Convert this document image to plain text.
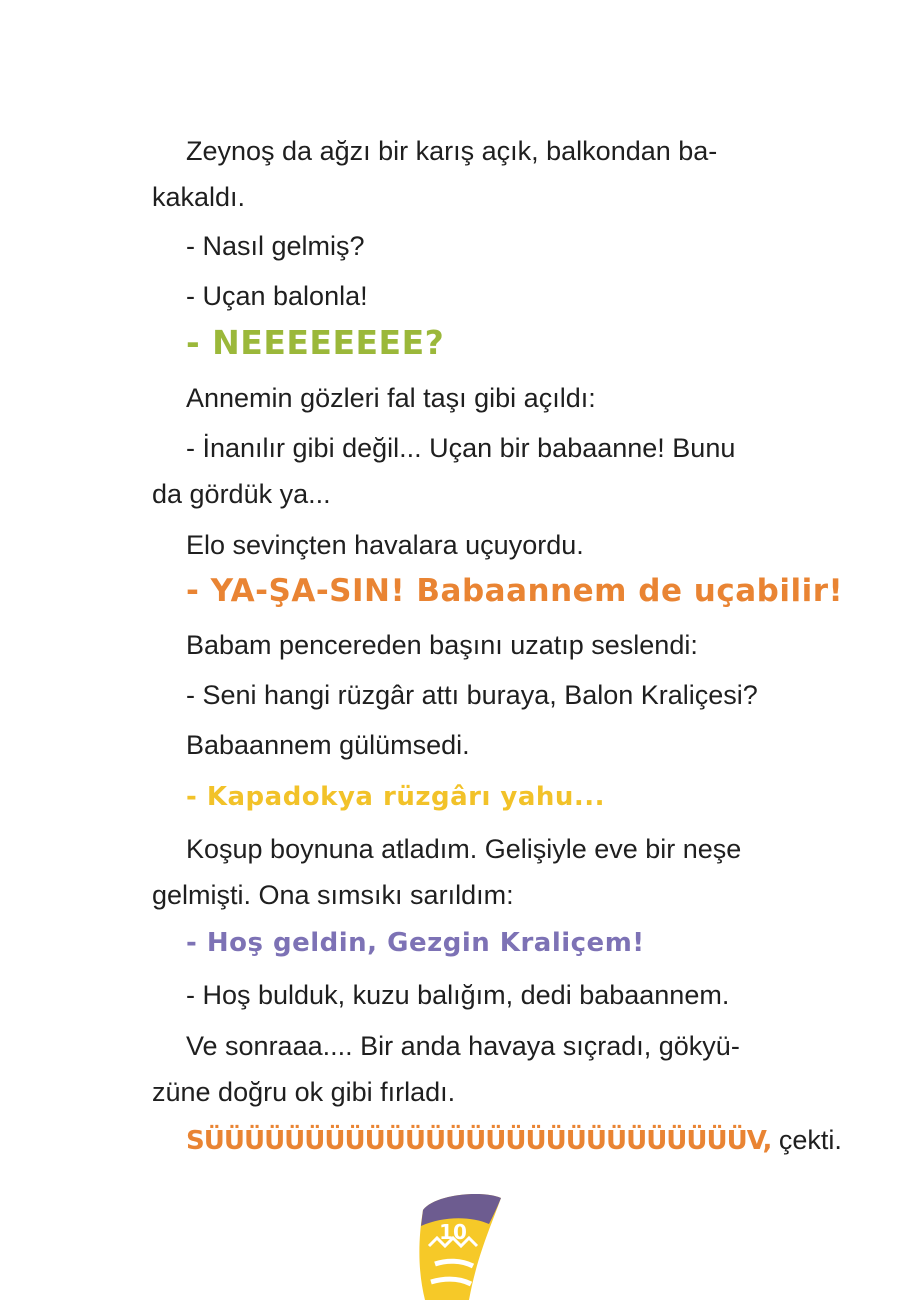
Zeynoş da ağzı bir karış açık, balkondan ba-
kakaldı.
- Nasıl gelmiş?
- Uçan balonla!
- NEEEEEEEE?
Annemin gözleri fal taşı gibi açıldı:
- İnanılır gibi değil... Uçan bir babaanne! Bunu
da gördük ya...
Elo sevinçten havalara uçuyordu.
- YA-ŞA-SIN! Babaannem de uçabilir!
Babam pencereden başını uzatıp seslendi:
- Seni hangi rüzgâr attı buraya, Balon Kraliçesi?
Babaannem gülümsedi.
- Kapadokya rüzgârı yahu...
Koşup boynuna atladım. Gelişiyle eve bir neşe
gelmişti. Ona sımsıkı sarıldım:
- Hoş geldin, Gezgin Kraliçem!
- Hoş bulduk, kuzu balığım, dedi babaannem.
Ve sonraaa.... Bir anda havaya sıçradı, gökyü-
züne doğru ok gibi fırladı.
SÜÜÜÜÜÜÜÜÜÜÜÜÜÜÜÜÜÜÜÜÜÜÜÜÜÜÜV, çekti.
10
